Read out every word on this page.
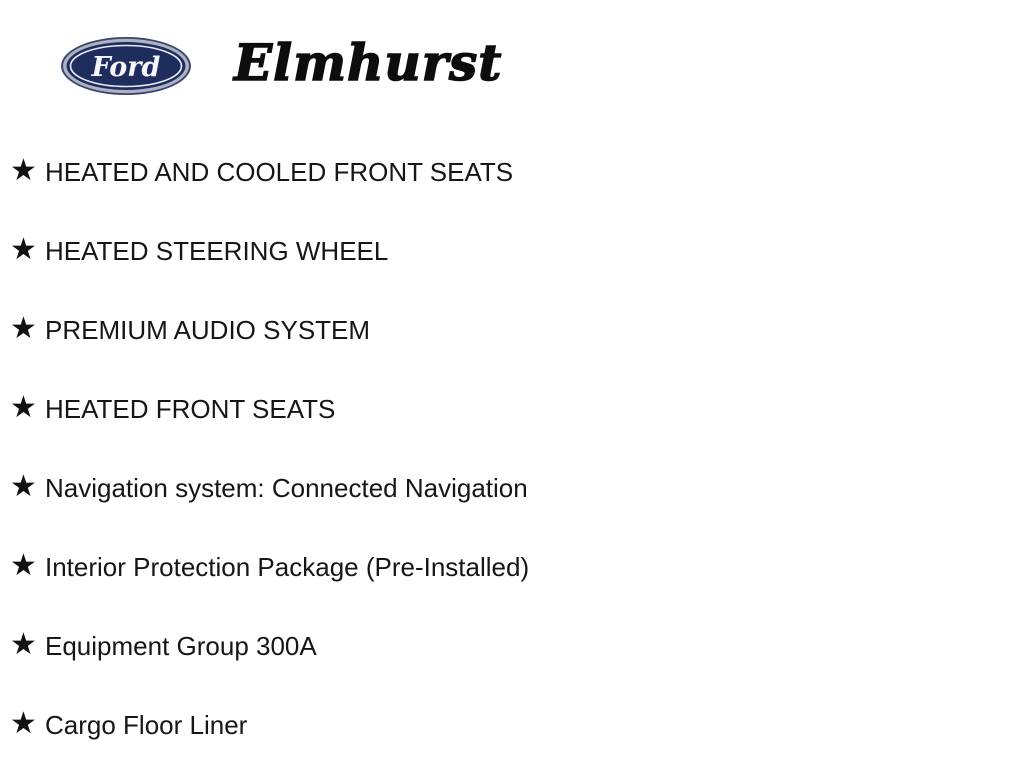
Ford Elmhurst
★ HEATED AND COOLED FRONT SEATS
★ HEATED STEERING WHEEL
★ PREMIUM AUDIO SYSTEM
★ HEATED FRONT SEATS
★ Navigation system: Connected Navigation
★ Interior Protection Package (Pre-Installed)
★ Equipment Group 300A
★ Cargo Floor Liner
